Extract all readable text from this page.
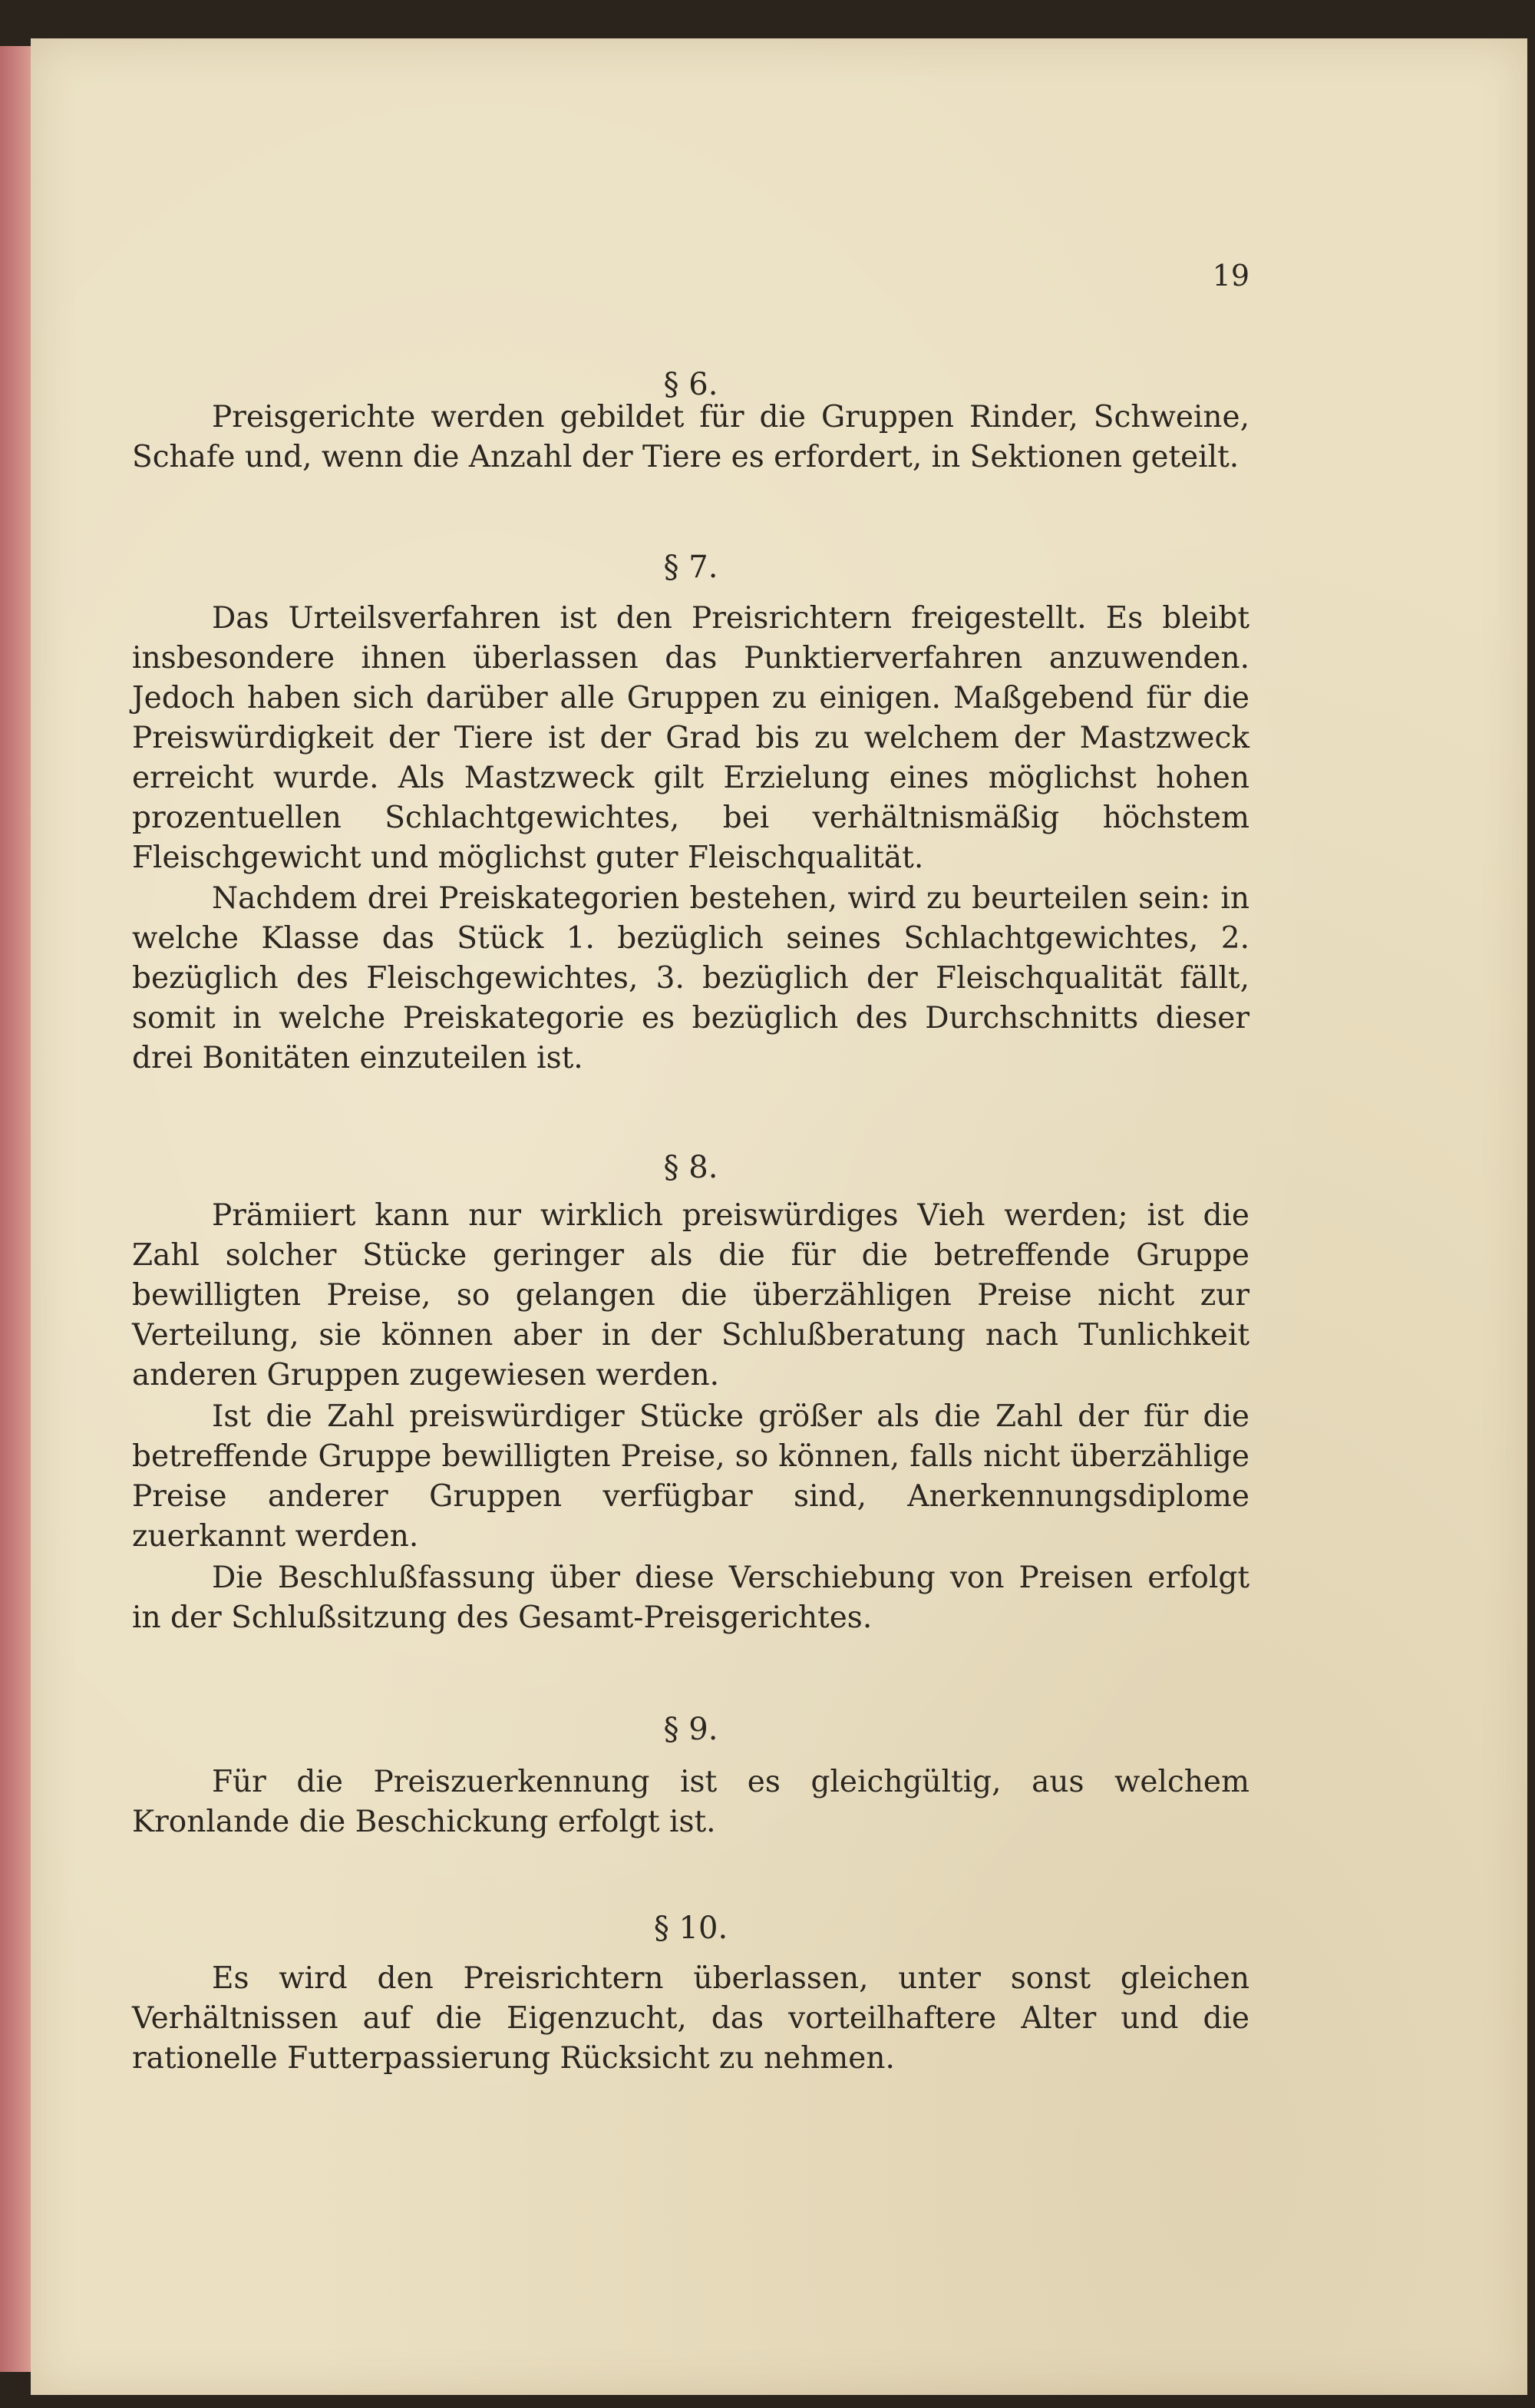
19
§ 6.

Preisgerichte werden gebildet für die Gruppen Rinder, Schweine, Schafe und, wenn die Anzahl der Tiere es erfordert, in Sektionen geteilt.

§ 7.

Das Urteilsverfahren ist den Preisrichtern freigestellt. Es bleibt insbesondere ihnen überlassen das Punktierverfahren anzuwenden. Jedoch haben sich darüber alle Gruppen zu einigen. Maßgebend für die Preiswürdigkeit der Tiere ist der Grad bis zu welchem der Mastzweck erreicht wurde. Als Mastzweck gilt Erzielung eines möglichst hohen prozentuellen Schlachtgewichtes, bei verhältnismäßig höchstem Fleischgewicht und möglichst guter Fleischqualität.

Nachdem drei Preiskategorien bestehen, wird zu beurteilen sein: in welche Klasse das Stück 1. bezüglich seines Schlachtgewichtes, 2. bezüglich des Fleischgewichtes, 3. bezüglich der Fleischqualität fällt, somit in welche Preiskategorie es bezüglich des Durchschnitts dieser drei Bonitäten einzuteilen ist.

§ 8.

Prämiiert kann nur wirklich preiswürdiges Vieh werden; ist die Zahl solcher Stücke geringer als die für die betreffende Gruppe bewilligten Preise, so gelangen die überzähligen Preise nicht zur Verteilung, sie können aber in der Schlußberatung nach Tunlichkeit anderen Gruppen zugewiesen werden.

Ist die Zahl preiswürdiger Stücke größer als die Zahl der für die betreffende Gruppe bewilligten Preise, so können, falls nicht überzählige Preise anderer Gruppen verfügbar sind, Anerkennungsdiplome zuerkannt werden.

Die Beschlußfassung über diese Verschiebung von Preisen erfolgt in der Schlußsitzung des Gesamt-Preisgerichtes.

§ 9.

Für die Preiszuerkennung ist es gleichgültig, aus welchem Kronlande die Beschickung erfolgt ist.

§ 10.

Es wird den Preisrichtern überlassen, unter sonst gleichen Verhältnissen auf die Eigenzucht, das vorteilhaftere Alter und die rationelle Futterpassierung Rücksicht zu nehmen.
